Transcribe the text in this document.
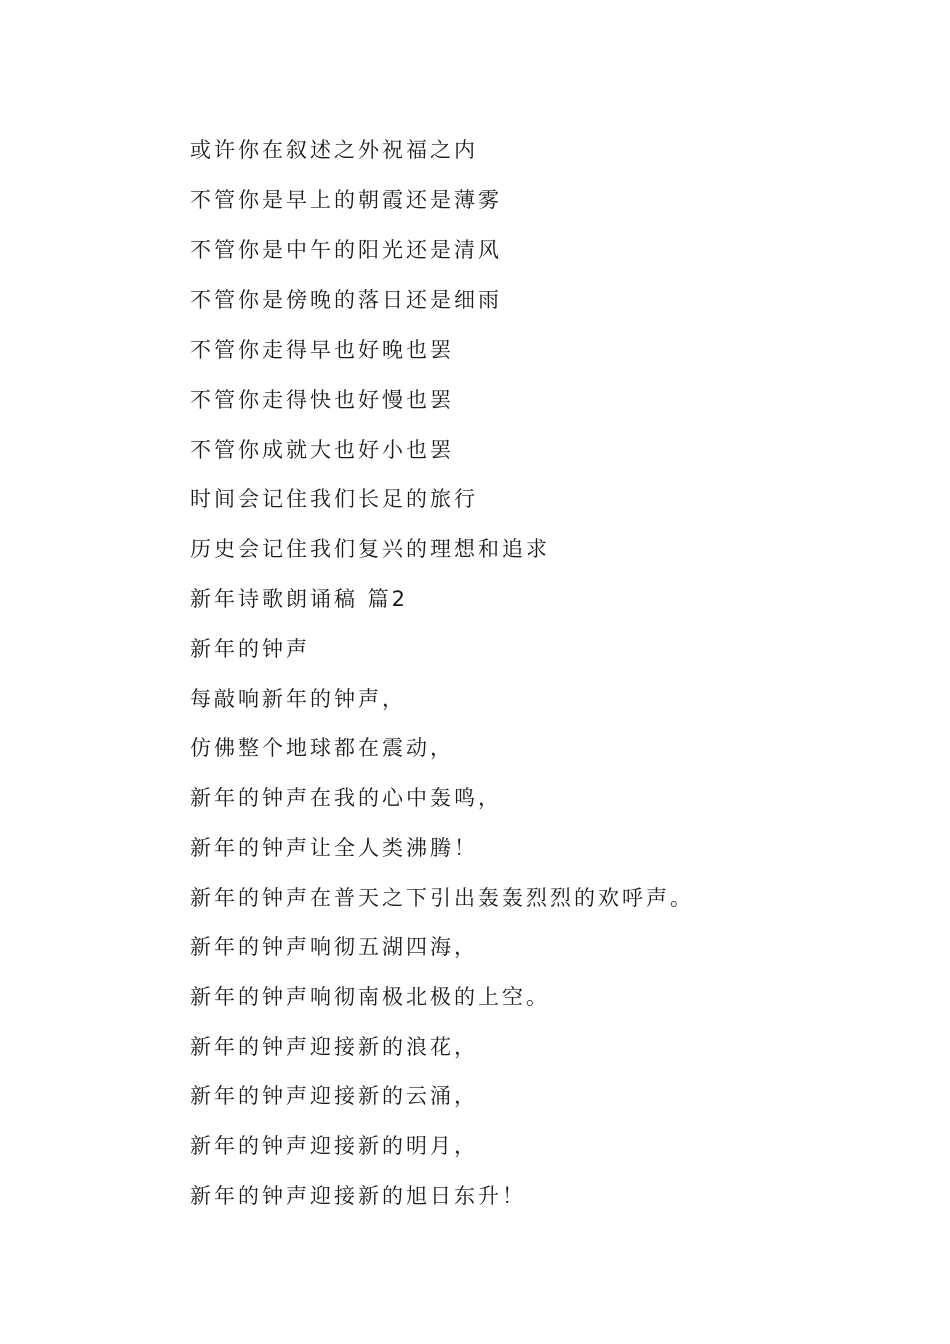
或许你在叙述之外祝福之内
不管你是早上的朝霞还是薄雾
不管你是中午的阳光还是清风
不管你是傍晚的落日还是细雨
不管你走得早也好晚也罢
不管你走得快也好慢也罢
不管你成就大也好小也罢
时间会记住我们长足的旅行
历史会记住我们复兴的理想和追求
新年诗歌朗诵稿 篇2
新年的钟声
每敲响新年的钟声，
仿佛整个地球都在震动，
新年的钟声在我的心中轰鸣，
新年的钟声让全人类沸腾！
新年的钟声在普天之下引出轰轰烈烈的欢呼声。
新年的钟声响彻五湖四海，
新年的钟声响彻南极北极的上空。
新年的钟声迎接新的浪花，
新年的钟声迎接新的云涌，
新年的钟声迎接新的明月，
新年的钟声迎接新的旭日东升！
